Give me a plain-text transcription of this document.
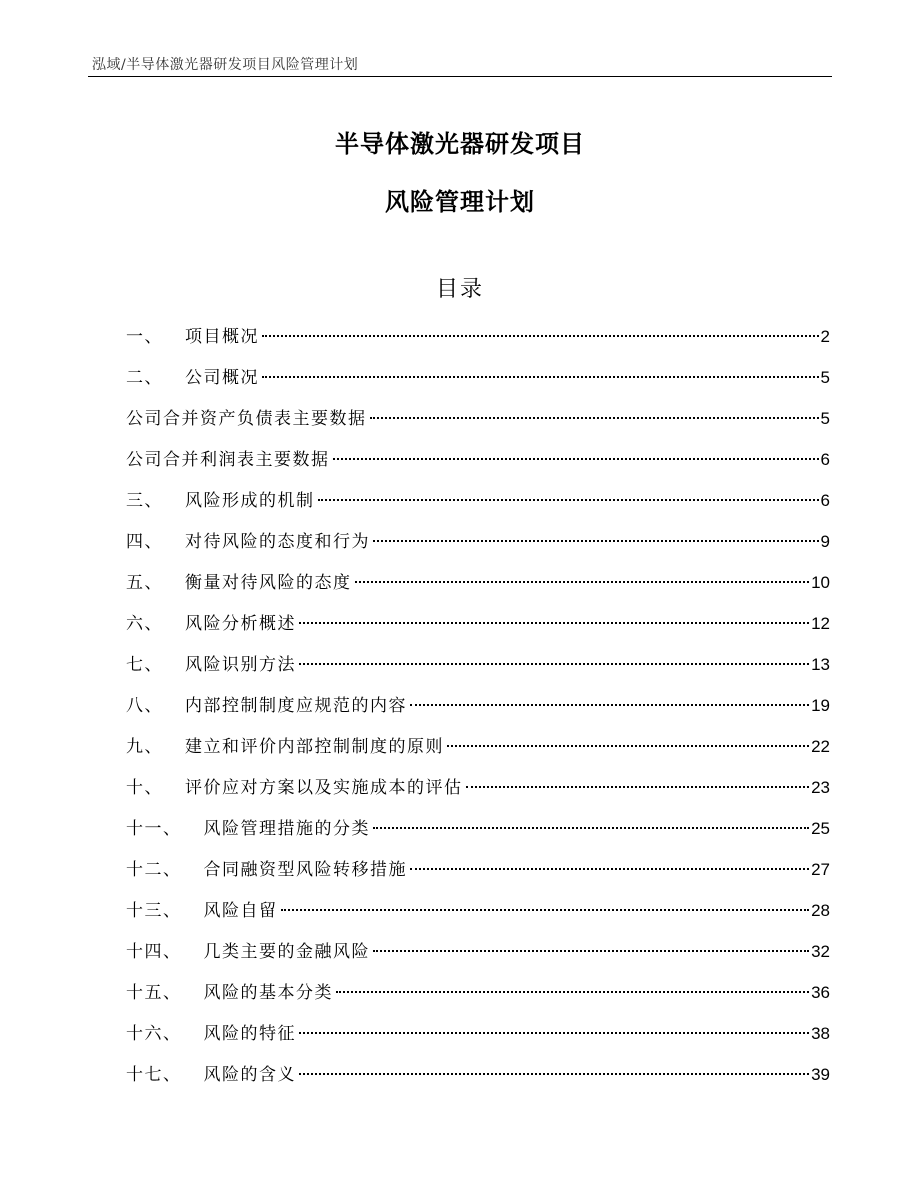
泓域/半导体激光器研发项目风险管理计划
半导体激光器研发项目
风险管理计划
目录
一、 项目概况	2
二、 公司概况	5
公司合并资产负债表主要数据	5
公司合并利润表主要数据	6
三、 风险形成的机制	6
四、 对待风险的态度和行为	9
五、 衡量对待风险的态度	10
六、 风险分析概述	12
七、 风险识别方法	13
八、 内部控制制度应规范的内容	19
九、 建立和评价内部控制制度的原则	22
十、 评价应对方案以及实施成本的评估	23
十一、 风险管理措施的分类	25
十二、 合同融资型风险转移措施	27
十三、 风险自留	28
十四、 几类主要的金融风险	32
十五、 风险的基本分类	36
十六、 风险的特征	38
十七、 风险的含义	39
